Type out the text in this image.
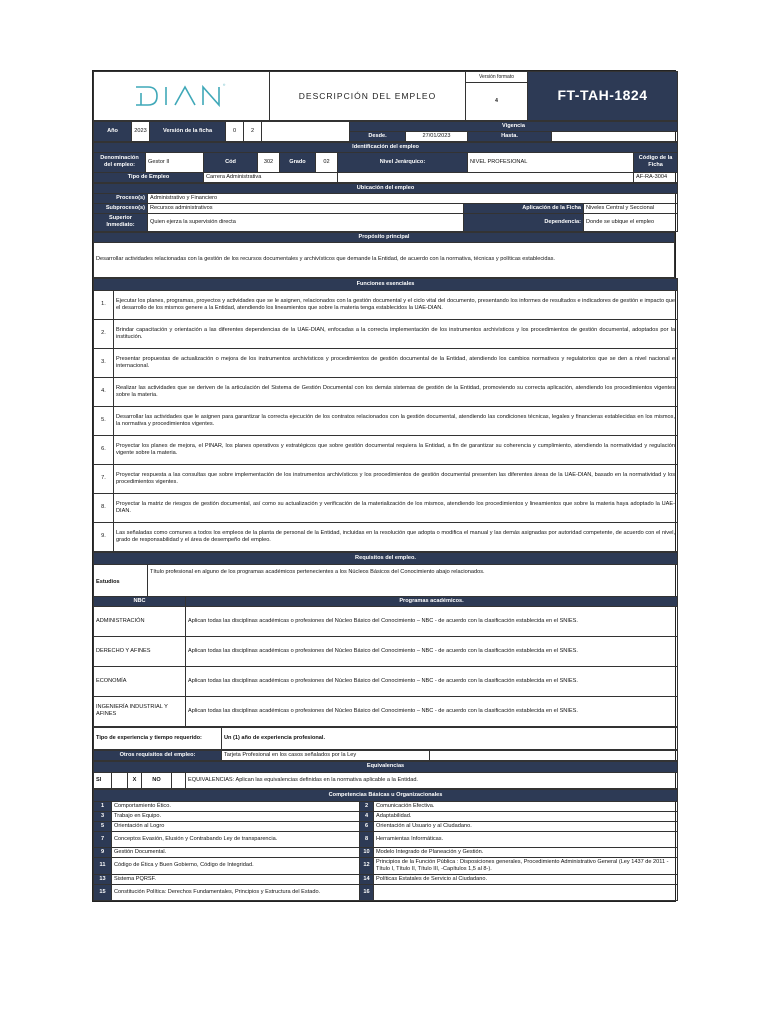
®
	DESCRIPCIÓN DEL EMPLEO	Versión formato	FT-TAH-1824
4
Año	2023	Versión de la ficha	0	2		Vigencia			
						Desde.	27/01/2023	Hasta.	
Identificación del empleo								
Denominación del empleo:	Gestor II	Cód	302	Grado	02	Nivel Jerárquico:	NIVEL PROFESIONAL	Código de la Ficha
Tipo de Empleo		Carrera Administrativa						AF-RA-3004
Ubicación del empleo			
Proceso(s)	Administrativo y Financiero		
Subproceso(s)	Recursos administrativos	Aplicación de la Ficha	Niveles Central y Seccional
Superior Inmediato:	Quien ejerza la supervisión directa	Dependencia:	Donde se ubique el empleo
Propósito principal
Desarrollar actividades relacionadas con la gestión de los recursos documentales y archivísticos que demande la Entidad, de acuerdo con la normativa, técnicas y políticas establecidas.
Funciones esenciales	
1.	Ejecutar los planes, programas, proyectos y actividades que se le asignen, relacionados con la gestión documental y el ciclo vital del documento, presentando los informes de resultados e indicadores de gestión e impacto que el desarrollo de los mismos genere a la Entidad, atendiendo los lineamientos que sobre la materia tenga establecidos la UAE-DIAN.
2.	Brindar capacitación y orientación a las diferentes dependencias de la UAE-DIAN, enfocadas a la correcta implementación de los instrumentos archivísticos y los procedimientos de gestión documental, adoptados por la institución.
3.	Presentar propuestas de actualización o mejora de los instrumentos archivísticos y procedimientos de gestión documental de la Entidad, atendiendo los cambios normativos y regulatorios que se den a nivel nacional e internacional.
4.	Realizar las actividades que se deriven de la articulación del Sistema de Gestión Documental con los demás sistemas de gestión de la Entidad, promoviendo su correcta aplicación, atendiendo los procedimientos vigentes sobre la materia.
5.	Desarrollar las actividades que le asignen para garantizar la correcta ejecución de los contratos relacionados con la gestión documental, atendiendo las condiciones técnicas, legales y financieras establecidas en los mismos, la normativa y procedimientos vigentes.
6.	Proyectar los planes de mejora, el PINAR, los planes operativos y estratégicos que sobre gestión documental requiera la Entidad, a fin de garantizar su coherencia y cumplimiento, atendiendo la normatividad y regulación vigente sobre la materia.
7.	Proyectar respuesta a las consultas que sobre implementación de los instrumentos archivísticos y los procedimientos de gestión documental presenten las diferentes áreas de la UAE-DIAN, basado en la normatividad y los procedimientos vigentes.
8.	Proyectar la matriz de riesgos de gestión documental, así como su actualización y verificación de la materialización de los mismos, atendiendo los procedimientos y lineamientos que sobre la materia haya adoptado la UAE-DIAN.
9.	Las señaladas como comunes a todos los empleos de la planta de personal de la Entidad, incluidas en la resolución que adopta o modifica el manual y las demás asignadas por autoridad competente, de acuerdo con el nivel, grado de responsabilidad y el área de desempeño del empleo.
Requisitos del empleo.		
Estudios	Título profesional en alguno de los programas académicos pertenecientes a los Núcleos Básicos del Conocimiento abajo relacionados.	
NBC		Programas académicos.
ADMINISTRACIÓN		Aplican todas las disciplinas académicas o profesiones del Núcleo Básico del Conocimiento – NBC - de acuerdo con la clasificación establecida en el SNIES.
DERECHO Y AFINES		Aplican todas las disciplinas académicas o profesiones del Núcleo Básico del Conocimiento – NBC - de acuerdo con la clasificación establecida en el SNIES.
ECONOMÍA		Aplican todas las disciplinas académicas o profesiones del Núcleo Básico del Conocimiento – NBC - de acuerdo con la clasificación establecida en el SNIES.
INGENIERÍA INDUSTRIAL Y AFINES		Aplican todas las disciplinas académicas o profesiones del Núcleo Básico del Conocimiento – NBC - de acuerdo con la clasificación establecida en el SNIES.
Tipo de experiencia y tiempo requerido:	Un (1) año de experiencia profesional.
Otros requisitos del empleo:	Tarjeta Profesional en los casos señalados por la Ley	
Equivalencias
SI		X	NO		EQUIVALENCIAS: Aplican las equivalencias definidas en la normativa aplicable a la Entidad.
Competencias Básicas u Organizacionales			
1	Comportamiento Ético.	2	Comunicación Efectiva.
3	Trabajo en Equipo.	4	Adaptabilidad.
5	Orientación al Logro	6	Orientación al Usuario y al Ciudadano.
7	Conceptos Evasión, Elusión y Contrabando Ley de transparencia.	8	Herramientas Informáticas.
9	Gestión Documental.	10	Modelo Integrado de Planeación y Gestión.
11	Código de Ética y Buen Gobierno, Código de Integridad.	12	Principios de la Función Pública : Disposiciones generales, Procedimiento Administrativo General (Ley 1437 de 2011 -Título I, Título II, Título III, -Capítulos 1,5 al 8-).
13	Sistema PQRSF.	14	Políticas Estatales de Servicio al Ciudadano.
15	Constitución Política: Derechos Fundamentales, Principios y Estructura del Estado.	16	
